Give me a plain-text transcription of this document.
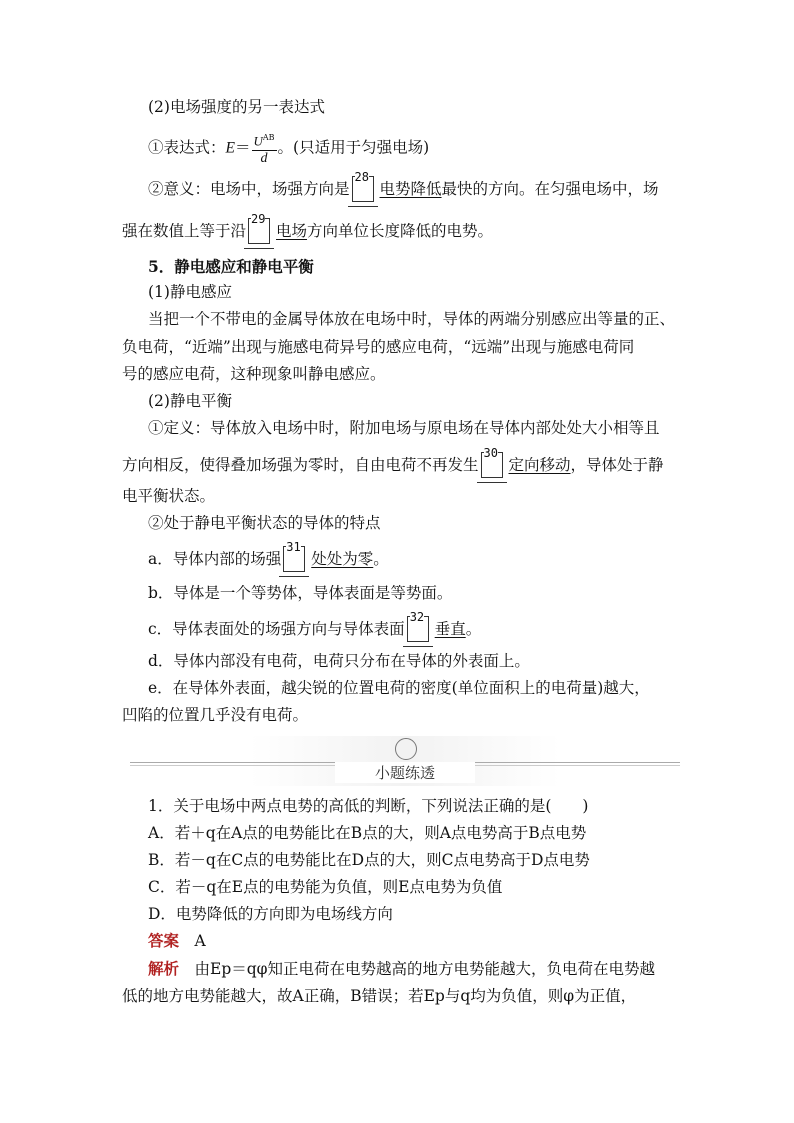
(2)电场强度的另一表达式
①表达式：$E= \frac{U^{AB}}{d}$ 。(只适用于匀强电场)
②意义：电场中，场强方向是
28
电势降低最快的方向。在匀强电场中，场
强在数值上等于沿
29
电场方向单位长度降低的电势。
5．静电感应和静电平衡
(1)静电感应
当把一个不带电的金属导体放在电场中时，导体的两端分别感应出等量的正、
负电荷，“近端”出现与施感电荷异号的感应电荷，“远端”出现与施感电荷同
号的感应电荷，这种现象叫静电感应。
(2)静电平衡
①定义：导体放入电场中时，附加电场与原电场在导体内部处处大小相等且
方向相反，使得叠加场强为零时，自由电荷不再发生
30
定向移动，导体处于静
电平衡状态。
②处于静电平衡状态的导体的特点
a．导体内部的场强
31
处处为零。
b．导体是一个等势体，导体表面是等势面。
c．导体表面处的场强方向与导体表面
32
垂直。
d．导体内部没有电荷，电荷只分布在导体的外表面上。
e．在导体外表面，越尖锐的位置电荷的密度(单位面积上的电荷量)越大，
凹陷的位置几乎没有电荷。
小题练透
1．关于电场中两点电势的高低的判断，下列说法正确的是(　　)
A．若＋q在A点的电势能比在B点的大，则A点电势高于B点电势
B．若－q在C点的电势能比在D点的大，则C点电势高于D点电势
C．若－q在E点的电势能为负值，则E点电势为负值
D．电势降低的方向即为电场线方向
答案  A
解析  由Ep＝qφ知正电荷在电势越高的地方电势能越大，负电荷在电势越
低的地方电势能越大，故A正确，B错误；若Ep与q均为负值，则φ为正值，
